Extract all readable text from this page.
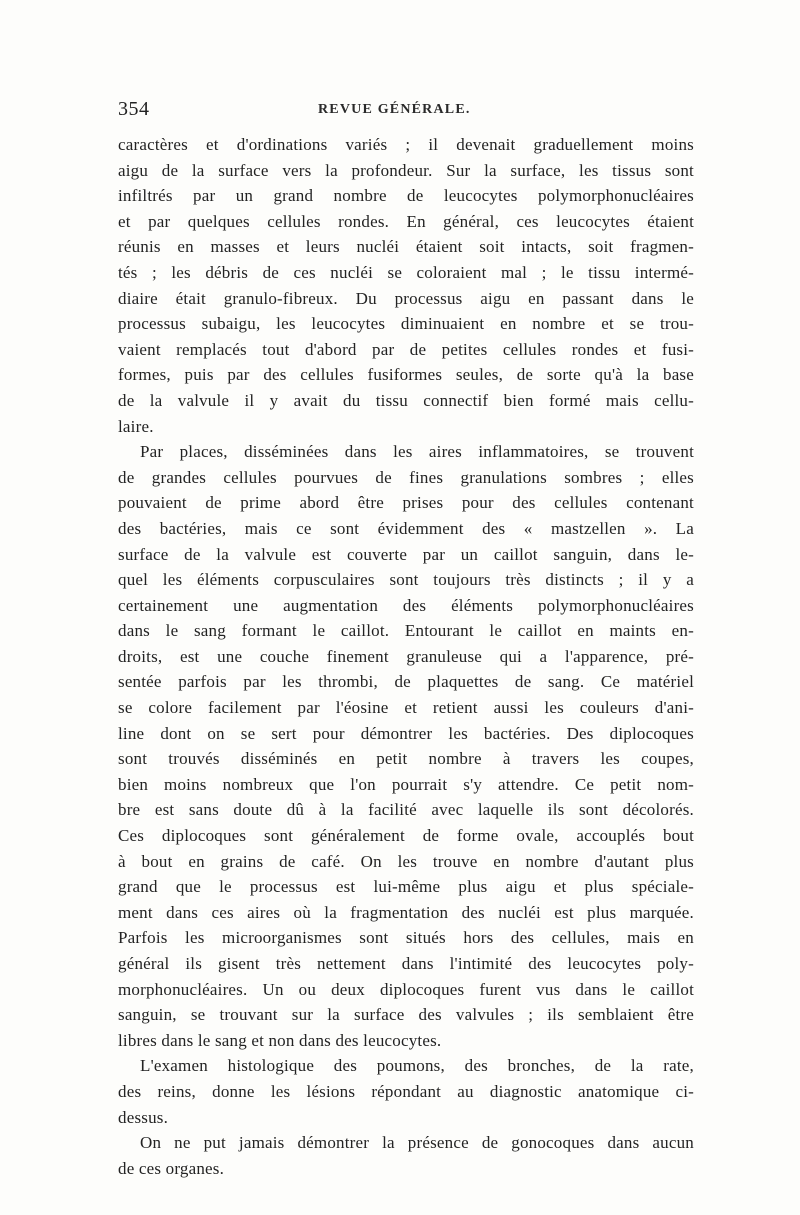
354	REVUE GÉNÉRALE.
caractères et d'ordinations variés ; il devenait graduellement moins
aigu de la surface vers la profondeur. Sur la surface, les tissus sont
infiltrés par un grand nombre de leucocytes polymorphonucléaires
et par quelques cellules rondes. En général, ces leucocytes étaient
réunis en masses et leurs nucléi étaient soit intacts, soit fragmen-
tés ; les débris de ces nucléi se coloraient mal ; le tissu intermé-
diaire était granulo-fibreux. Du processus aigu en passant dans le
processus subaigu, les leucocytes diminuaient en nombre et se trou-
vaient remplacés tout d'abord par de petites cellules rondes et fusi-
formes, puis par des cellules fusiformes seules, de sorte qu'à la base
de la valvule il y avait du tissu connectif bien formé mais cellu-
laire.
Par places, disséminées dans les aires inflammatoires, se trouvent
de grandes cellules pourvues de fines granulations sombres ; elles
pouvaient de prime abord être prises pour des cellules contenant
des bactéries, mais ce sont évidemment des « mastzellen ». La
surface de la valvule est couverte par un caillot sanguin, dans le-
quel les éléments corpusculaires sont toujours très distincts ; il y a
certainement une augmentation des éléments polymorphonucléaires
dans le sang formant le caillot. Entourant le caillot en maints en-
droits, est une couche finement granuleuse qui a l'apparence, pré-
sentée parfois par les thrombi, de plaquettes de sang. Ce matériel
se colore facilement par l'éosine et retient aussi les couleurs d'ani-
line dont on se sert pour démontrer les bactéries. Des diplocoques
sont trouvés disséminés en petit nombre à travers les coupes,
bien moins nombreux que l'on pourrait s'y attendre. Ce petit nom-
bre est sans doute dû à la facilité avec laquelle ils sont décolorés.
Ces diplocoques sont généralement de forme ovale, accouplés bout
à bout en grains de café. On les trouve en nombre d'autant plus
grand que le processus est lui-même plus aigu et plus spéciale-
ment dans ces aires où la fragmentation des nucléi est plus marquée.
Parfois les microorganismes sont situés hors des cellules, mais en
général ils gisent très nettement dans l'intimité des leucocytes poly-
morphonucléaires. Un ou deux diplocoques furent vus dans le caillot
sanguin, se trouvant sur la surface des valvules ; ils semblaient être
libres dans le sang et non dans des leucocytes.
L'examen histologique des poumons, des bronches, de la rate,
des reins, donne les lésions répondant au diagnostic anatomique ci-
dessus.
On ne put jamais démontrer la présence de gonocoques dans aucun
de ces organes.
